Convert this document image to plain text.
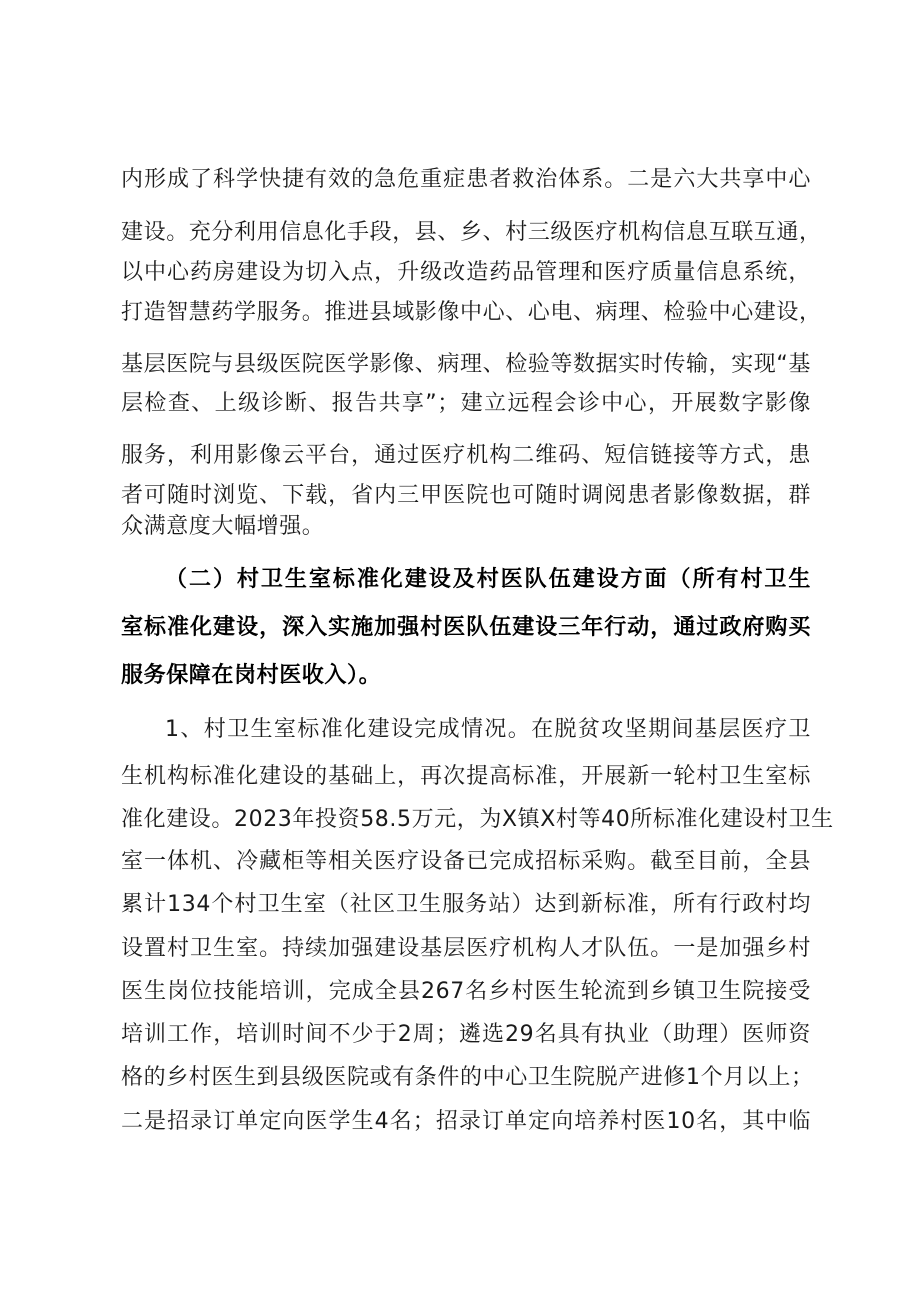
内形成了科学快捷有效的急危重症患者救治体系。二是六大共享中心
建设。充分利用信息化手段，县、乡、村三级医疗机构信息互联互通，
以中心药房建设为切入点，升级改造药品管理和医疗质量信息系统，
打造智慧药学服务。推进县域影像中心、心电、病理、检验中心建设，
基层医院与县级医院医学影像、病理、检验等数据实时传输，实现“基
层检查、上级诊断、报告共享”；建立远程会诊中心，开展数字影像
服务，利用影像云平台，通过医疗机构二维码、短信链接等方式，患
者可随时浏览、下载，省内三甲医院也可随时调阅患者影像数据，群
众满意度大幅增强。
（二）村卫生室标准化建设及村医队伍建设方面（所有村卫生
室标准化建设，深入实施加强村医队伍建设三年行动，通过政府购买
服务保障在岗村医收入）。
1、村卫生室标准化建设完成情况。在脱贫攻坚期间基层医疗卫
生机构标准化建设的基础上，再次提高标准，开展新一轮村卫生室标
准化建设。2023年投资58.5万元，为X镇X村等40所标准化建设村卫生
室一体机、冷藏柜等相关医疗设备已完成招标采购。截至目前，全县
累计134个村卫生室（社区卫生服务站）达到新标准，所有行政村均
设置村卫生室。持续加强建设基层医疗机构人才队伍。一是加强乡村
医生岗位技能培训，完成全县267名乡村医生轮流到乡镇卫生院接受
培训工作，培训时间不少于2周；遴选29名具有执业（助理）医师资
格的乡村医生到县级医院或有条件的中心卫生院脱产进修1个月以上；
二是招录订单定向医学生4名；招录订单定向培养村医10名，其中临
